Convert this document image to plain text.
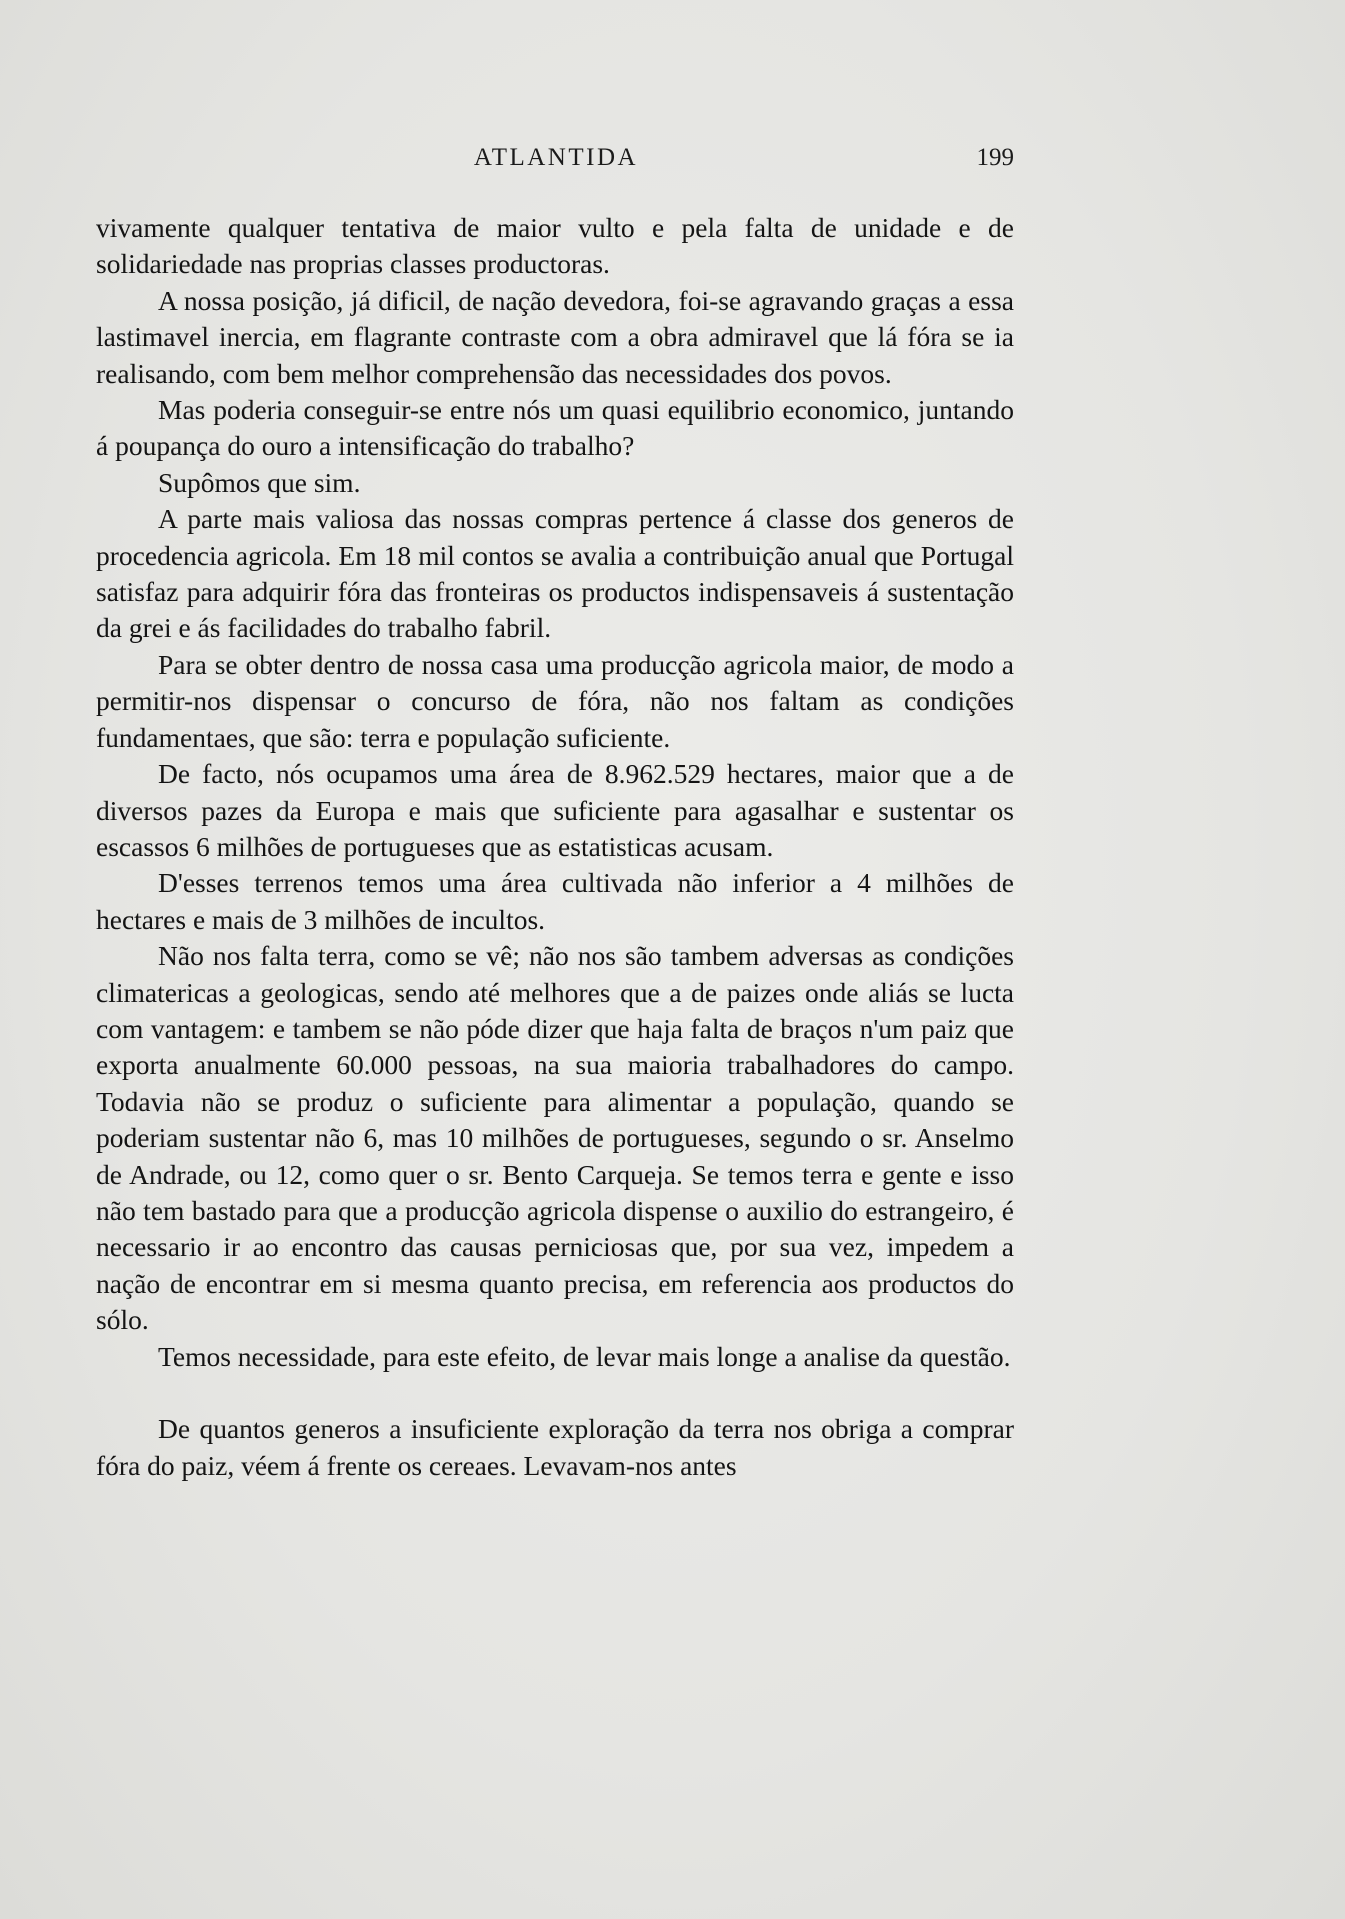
ATLANTIDA	199

vivamente qualquer tentativa de maior vulto e pela falta de unidade e de solidariedade nas proprias classes productoras.

A nossa posição, já dificil, de nação devedora, foi-se agravando graças a essa lastimavel inercia, em flagrante contraste com a obra admiravel que lá fóra se ia realisando, com bem melhor comprehensão das necessidades dos povos.

Mas poderia conseguir-se entre nós um quasi equilibrio economico, juntando á poupança do ouro a intensificação do trabalho?

Supômos que sim.

A parte mais valiosa das nossas compras pertence á classe dos generos de procedencia agricola. Em 18 mil contos se avalia a contribuição anual que Portugal satisfaz para adquirir fóra das fronteiras os productos indispensaveis á sustentação da grei e ás facilidades do trabalho fabril.

Para se obter dentro de nossa casa uma producção agricola maior, de modo a permitir-nos dispensar o concurso de fóra, não nos faltam as condições fundamentaes, que são: terra e população suficiente.

De facto, nós ocupamos uma área de 8.962.529 hectares, maior que a de diversos pazes da Europa e mais que suficiente para agasalhar e sustentar os escassos 6 milhões de portugueses que as estatisticas acusam.

D'esses terrenos temos uma área cultivada não inferior a 4 milhões de hectares e mais de 3 milhões de incultos.

Não nos falta terra, como se vê; não nos são tambem adversas as condições climatericas a geologicas, sendo até melhores que a de paizes onde aliás se lucta com vantagem: e tambem se não póde dizer que haja falta de braços n'um paiz que exporta anualmente 60.000 pessoas, na sua maioria trabalhadores do campo. Todavia não se produz o suficiente para alimentar a população, quando se poderiam sustentar não 6, mas 10 milhões de portugueses, segundo o sr. Anselmo de Andrade, ou 12, como quer o sr. Bento Carqueja. Se temos terra e gente e isso não tem bastado para que a producção agricola dispense o auxilio do estrangeiro, é necessario ir ao encontro das causas perniciosas que, por sua vez, impedem a nação de encontrar em si mesma quanto precisa, em referencia aos productos do sólo.

Temos necessidade, para este efeito, de levar mais longe a analise da questão.

De quantos generos a insuficiente exploração da terra nos obriga a comprar fóra do paiz, véem á frente os cereaes. Levavam-nos antes
